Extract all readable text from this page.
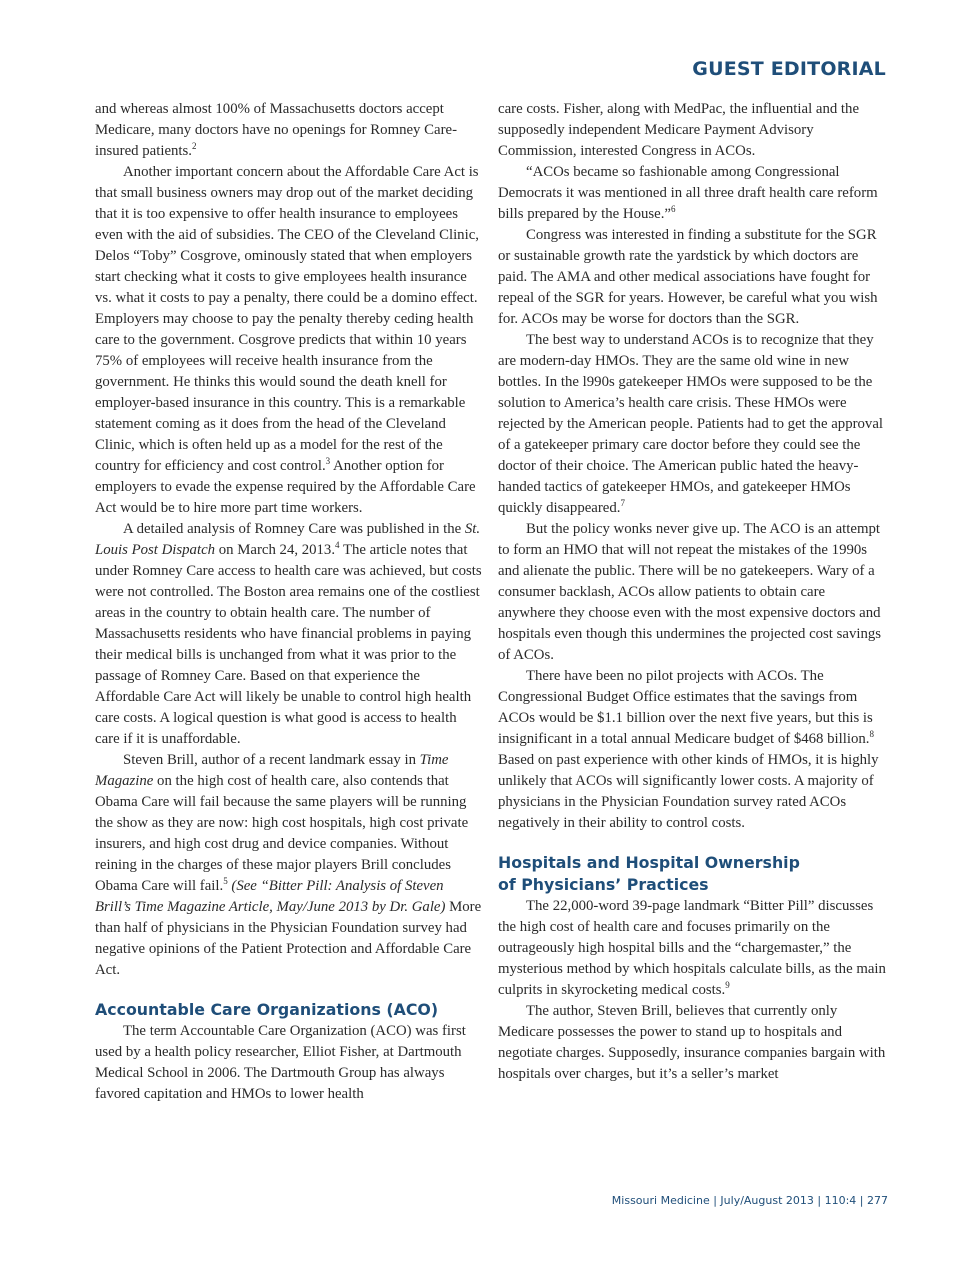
GUEST EDITORIAL

and whereas almost 100% of Massachusetts doctors accept Medicare, many doctors have no openings for Romney Care-insured patients.$^2$

Another important concern about the Affordable Care Act is that small business owners may drop out of the market deciding that it is too expensive to offer health insurance to employees even with the aid of subsidies. The CEO of the Cleveland Clinic, Delos “Toby” Cosgrove, ominously stated that when employers start checking what it costs to give employees health insurance vs. what it costs to pay a penalty, there could be a domino effect. Employers may choose to pay the penalty thereby ceding health care to the government. Cosgrove predicts that within 10 years 75% of employees will receive health insurance from the government. He thinks this would sound the death knell for employer-based insurance in this country. This is a remarkable statement coming as it does from the head of the Cleveland Clinic, which is often held up as a model for the rest of the country for efficiency and cost control.$^3$ Another option for employers to evade the expense required by the Affordable Care Act would be to hire more part time workers.

A detailed analysis of Romney Care was published in the St. Louis Post Dispatch on March 24, 2013.$^4$ The article notes that under Romney Care access to health care was achieved, but costs were not controlled. The Boston area remains one of the costliest areas in the country to obtain health care. The number of Massachusetts residents who have financial problems in paying their medical bills is unchanged from what it was prior to the passage of Romney Care. Based on that experience the Affordable Care Act will likely be unable to control high health care costs. A logical question is what good is access to health care if it is unaffordable.

Steven Brill, author of a recent landmark essay in Time Magazine on the high cost of health care, also contends that Obama Care will fail because the same players will be running the show as they are now: high cost hospitals, high cost private insurers, and high cost drug and device companies. Without reining in the charges of these major players Brill concludes Obama Care will fail.$^5$ (See “Bitter Pill: Analysis of Steven Brill’s Time Magazine Article, May/June 2013 by Dr. Gale) More than half of physicians in the Physician Foundation survey had negative opinions of the Patient Protection and Affordable Care Act.

Accountable Care Organizations (ACO)

The term Accountable Care Organization (ACO) was first used by a health policy researcher, Elliot Fisher, at Dartmouth Medical School in 2006. The Dartmouth Group has always favored capitation and HMOs to lower health

care costs. Fisher, along with MedPac, the influential and the supposedly independent Medicare Payment Advisory Commission, interested Congress in ACOs.

“ACOs became so fashionable among Congressional Democrats it was mentioned in all three draft health care reform bills prepared by the House.”$^6$

Congress was interested in finding a substitute for the SGR or sustainable growth rate the yardstick by which doctors are paid. The AMA and other medical associations have fought for repeal of the SGR for years. However, be careful what you wish for. ACOs may be worse for doctors than the SGR.

The best way to understand ACOs is to recognize that they are modern-day HMOs. They are the same old wine in new bottles. In the l990s gatekeeper HMOs were supposed to be the solution to America’s health care crisis. These HMOs were rejected by the American people. Patients had to get the approval of a gatekeeper primary care doctor before they could see the doctor of their choice. The American public hated the heavy-handed tactics of gatekeeper HMOs, and gatekeeper HMOs quickly disappeared.$^7$

But the policy wonks never give up. The ACO is an attempt to form an HMO that will not repeat the mistakes of the 1990s and alienate the public. There will be no gatekeepers. Wary of a consumer backlash, ACOs allow patients to obtain care anywhere they choose even with the most expensive doctors and hospitals even though this undermines the projected cost savings of ACOs.

There have been no pilot projects with ACOs. The Congressional Budget Office estimates that the savings from ACOs would be $1.1 billion over the next five years, but this is insignificant in a total annual Medicare budget of $468 billion.$^8$ Based on past experience with other kinds of HMOs, it is highly unlikely that ACOs will significantly lower costs. A majority of physicians in the Physician Foundation survey rated ACOs negatively in their ability to control costs.

Hospitals and Hospital Ownership
of Physicians’ Practices

The 22,000-word 39-page landmark “Bitter Pill” discusses the high cost of health care and focuses primarily on the outrageously high hospital bills and the “chargemaster,” the mysterious method by which hospitals calculate bills, as the main culprits in skyrocketing medical costs.$^9$

The author, Steven Brill, believes that currently only Medicare possesses the power to stand up to hospitals and negotiate charges. Supposedly, insurance companies bargain with hospitals over charges, but it’s a seller’s market

Missouri Medicine | July/August 2013 | 110:4 | 277
